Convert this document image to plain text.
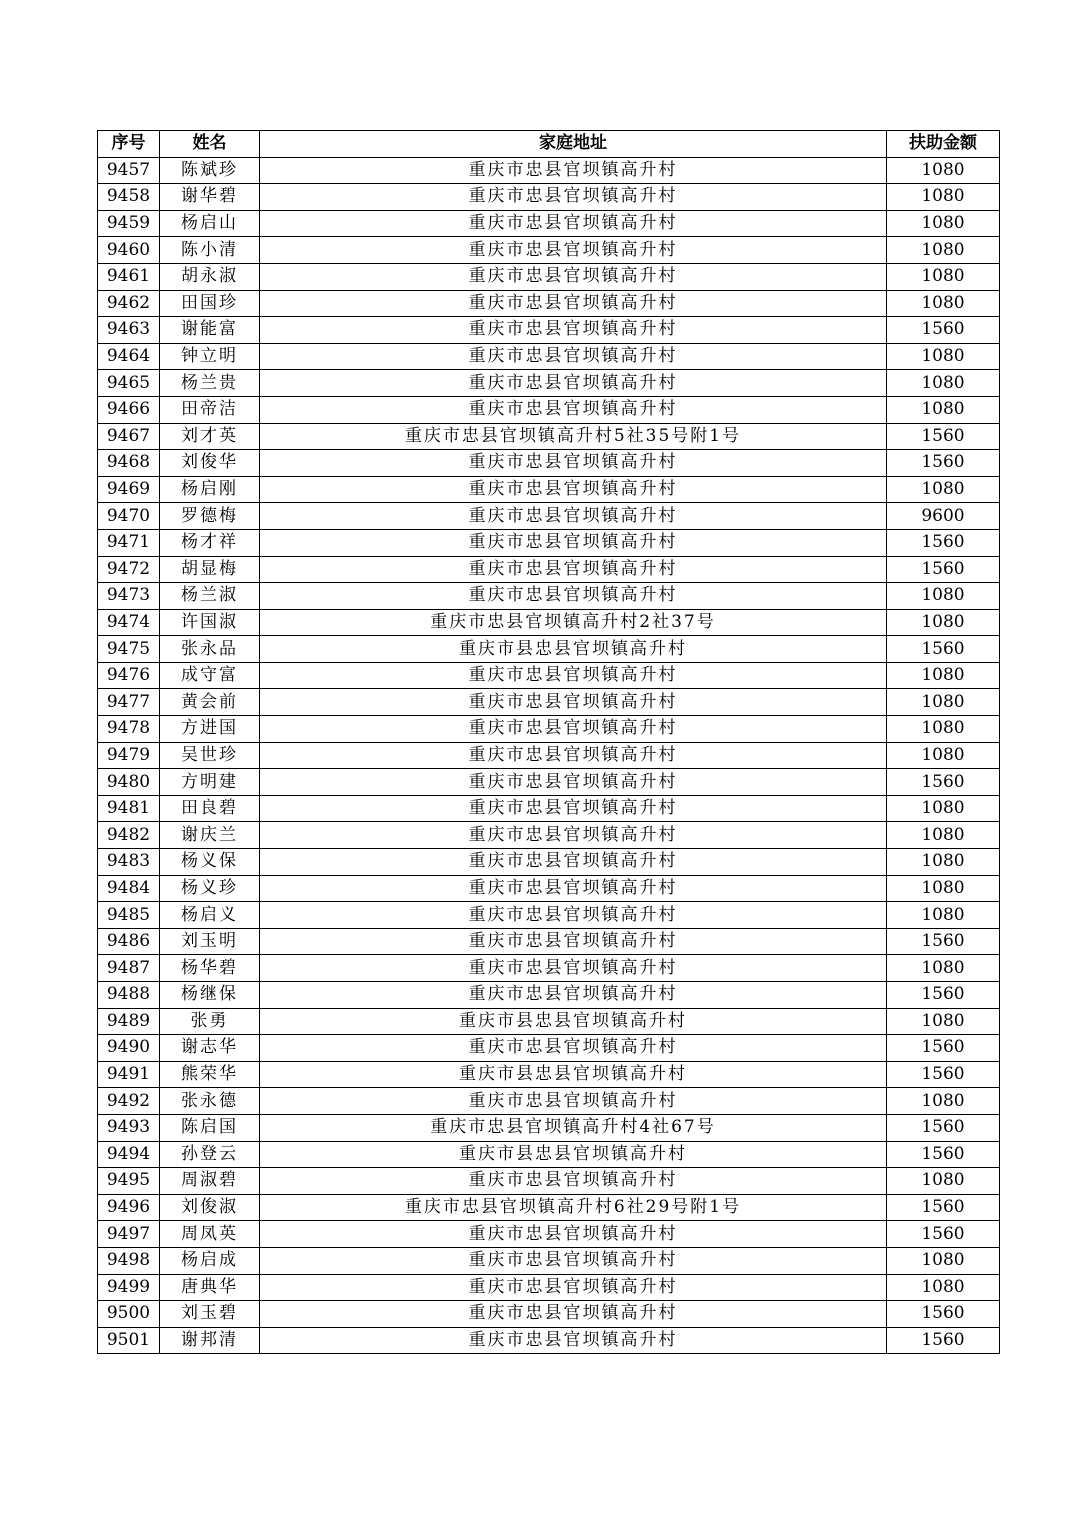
序号	姓名	家庭地址	扶助金额
9457	陈斌珍	重庆市忠县官坝镇高升村	1080
9458	谢华碧	重庆市忠县官坝镇高升村	1080
9459	杨启山	重庆市忠县官坝镇高升村	1080
9460	陈小清	重庆市忠县官坝镇高升村	1080
9461	胡永淑	重庆市忠县官坝镇高升村	1080
9462	田国珍	重庆市忠县官坝镇高升村	1080
9463	谢能富	重庆市忠县官坝镇高升村	1560
9464	钟立明	重庆市忠县官坝镇高升村	1080
9465	杨兰贵	重庆市忠县官坝镇高升村	1080
9466	田帝洁	重庆市忠县官坝镇高升村	1080
9467	刘才英	重庆市忠县官坝镇高升村5社35号附1号	1560
9468	刘俊华	重庆市忠县官坝镇高升村	1560
9469	杨启刚	重庆市忠县官坝镇高升村	1080
9470	罗德梅	重庆市忠县官坝镇高升村	9600
9471	杨才祥	重庆市忠县官坝镇高升村	1560
9472	胡显梅	重庆市忠县官坝镇高升村	1560
9473	杨兰淑	重庆市忠县官坝镇高升村	1080
9474	许国淑	重庆市忠县官坝镇高升村2社37号	1080
9475	张永品	重庆市县忠县官坝镇高升村	1560
9476	成守富	重庆市忠县官坝镇高升村	1080
9477	黄会前	重庆市忠县官坝镇高升村	1080
9478	方进国	重庆市忠县官坝镇高升村	1080
9479	吴世珍	重庆市忠县官坝镇高升村	1080
9480	方明建	重庆市忠县官坝镇高升村	1560
9481	田良碧	重庆市忠县官坝镇高升村	1080
9482	谢庆兰	重庆市忠县官坝镇高升村	1080
9483	杨义保	重庆市忠县官坝镇高升村	1080
9484	杨义珍	重庆市忠县官坝镇高升村	1080
9485	杨启义	重庆市忠县官坝镇高升村	1080
9486	刘玉明	重庆市忠县官坝镇高升村	1560
9487	杨华碧	重庆市忠县官坝镇高升村	1080
9488	杨继保	重庆市忠县官坝镇高升村	1560
9489	张勇	重庆市县忠县官坝镇高升村	1080
9490	谢志华	重庆市忠县官坝镇高升村	1560
9491	熊荣华	重庆市县忠县官坝镇高升村	1560
9492	张永德	重庆市忠县官坝镇高升村	1080
9493	陈启国	重庆市忠县官坝镇高升村4社67号	1560
9494	孙登云	重庆市县忠县官坝镇高升村	1560
9495	周淑碧	重庆市忠县官坝镇高升村	1080
9496	刘俊淑	重庆市忠县官坝镇高升村6社29号附1号	1560
9497	周凤英	重庆市忠县官坝镇高升村	1560
9498	杨启成	重庆市忠县官坝镇高升村	1080
9499	唐典华	重庆市忠县官坝镇高升村	1080
9500	刘玉碧	重庆市忠县官坝镇高升村	1560
9501	谢邦清	重庆市忠县官坝镇高升村	1560
